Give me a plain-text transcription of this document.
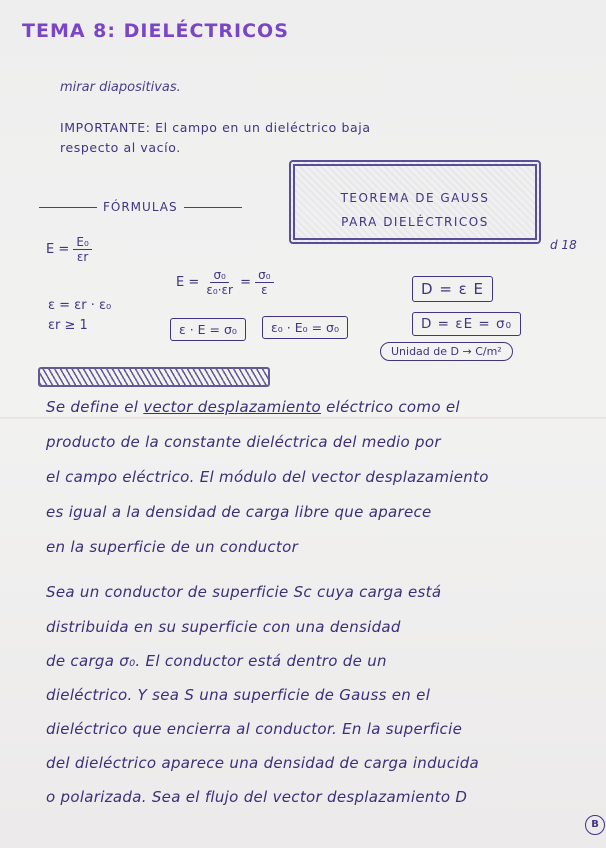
TEMA 8: DIELÉCTRICOS
mirar diapositivas.
IMPORTANTE: El campo en un dieléctrico baja
respecto al vacío.
FÓRMULAS
TEOREMA DE GAUSS
PARA DIELÉCTRICOS
d 18
$E = \frac{\text{E₀}}{\varepsilon r}$
$E = \frac{\text{σ₀}}{\text{ε₀·εr}} = \frac{\text{σ₀}}{\varepsilon}$
ε = εr · ε₀
εr ≥ 1	ε · E = σ₀	ε₀ · E₀ = σ₀
D = ε E
D = εE = σ₀
Unidad de D → C/m²
Se define el vector desplazamiento eléctrico como el
producto de la constante dieléctrica del medio por
el campo eléctrico. El módulo del vector desplazamiento
es igual a la densidad de carga libre que aparece
en la superficie de un conductor
Sea un conductor de superficie Sc cuya carga está
distribuida en su superficie con una densidad
de carga σ₀. El conductor está dentro de un
dieléctrico. Y sea S una superficie de Gauss en el
dieléctrico que encierra al conductor. En la superficie
del dieléctrico aparece una densidad de carga inducida
o polarizada. Sea el flujo del vector desplazamiento D
B
